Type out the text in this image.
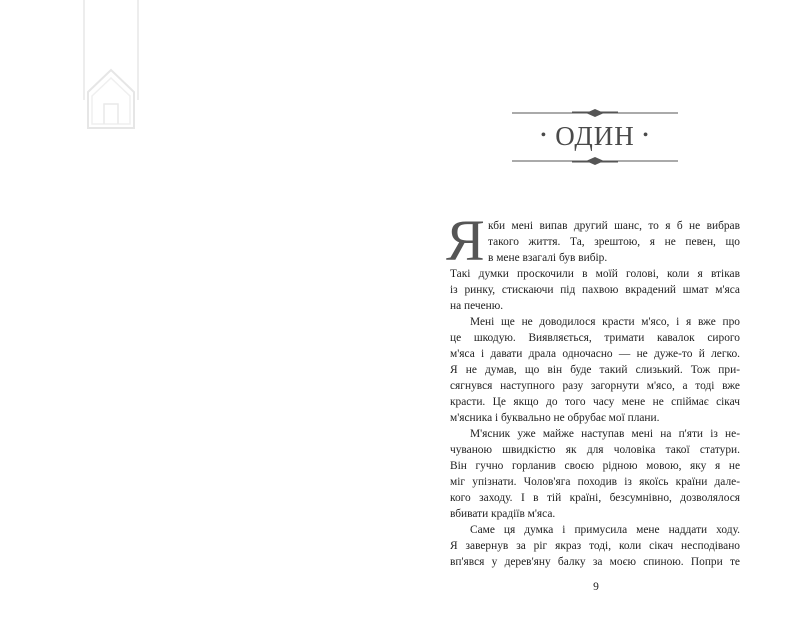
• ОДИН •
Я кби мені випав другий шанс, то я б не вибрав
такого життя. Та, зрештою, я не певен, що
в мене взагалі був вибір.
Такі думки проскочили в моїй голові, коли я втікав
із ринку, стискаючи під пахвою вкрадений шмат м'яса
на печеню.
Мені ще не доводилося красти м'ясо, і я вже про
це шкодую. Виявляється, тримати кавалок сирого
м'яса і давати драла одночасно — не дуже-то й легко.
Я не думав, що він буде такий слизький. Тож при-
сягнувся наступного разу загорнути м'ясо, а тоді вже
красти. Це якщо до того часу мене не спіймає сікач
м'ясника і буквально не обрубає мої плани.
М'ясник уже майже наступав мені на п'яти із не-
чуваною швидкістю як для чоловіка такої статури.
Він гучно горланив своєю рідною мовою, яку я не
міг упізнати. Чолов'яга походив із якоїсь країни дале-
кого заходу. І в тій країні, безсумнівно, дозволялося
вбивати крадіїв м'яса.
Саме ця думка і примусила мене наддати ходу.
Я завернув за ріг якраз тоді, коли сікач несподівано
вп'явся у дерев'яну балку за моєю спиною. Попри те
9
